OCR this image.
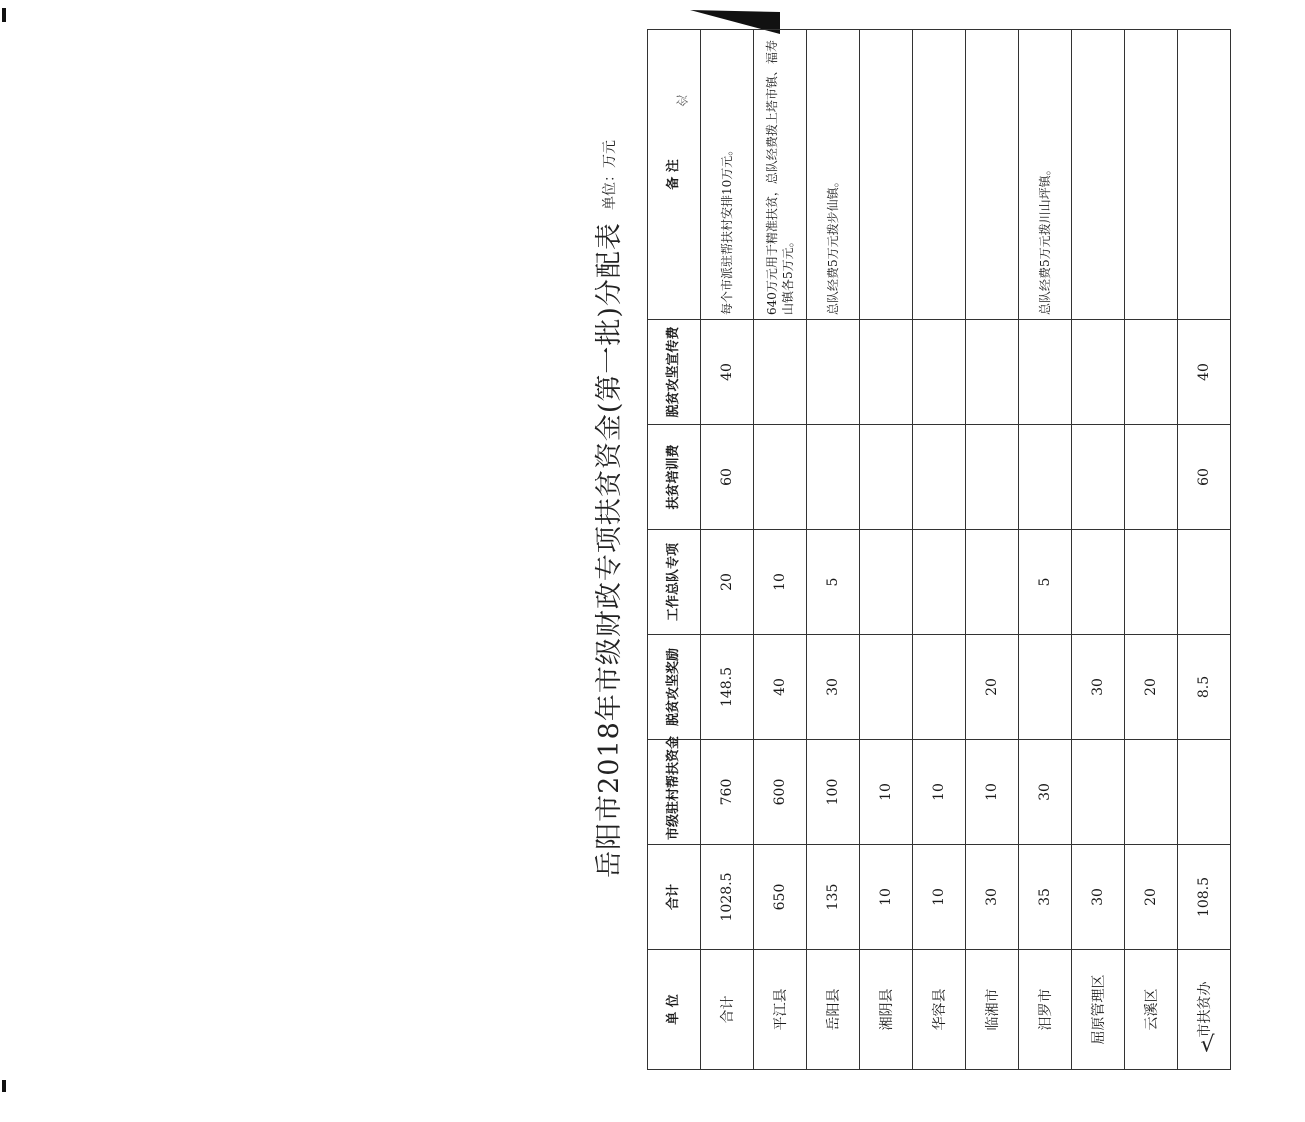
冷
岳阳市2018年市级财政专项扶贫资金(第一批)分配表
单位：万元
单 位	合计	市级驻村帮扶资金	脱贫攻坚奖励	工作总队专项	扶贫培训费	脱贫攻坚宣传费	备 注
合计	1028.5	760	148.5	20	60	40	每个市派驻帮扶村安排10万元。
平江县	650	600	40	10			640万元用于精准扶贫，总队经费拨上塔市镇、福寿山镇各5万元。
岳阳县	135	100	30	5			总队经费5万元拨步仙镇。
湘阴县	10	10					
华容县	10	10					
临湘市	30	10	20				
汨罗市	35	30		5			总队经费5万元拨川山坪镇。
屈原管理区	30		30				
云溪区	20		20				
市扶贫办	108.5		8.5		60	40	
√
